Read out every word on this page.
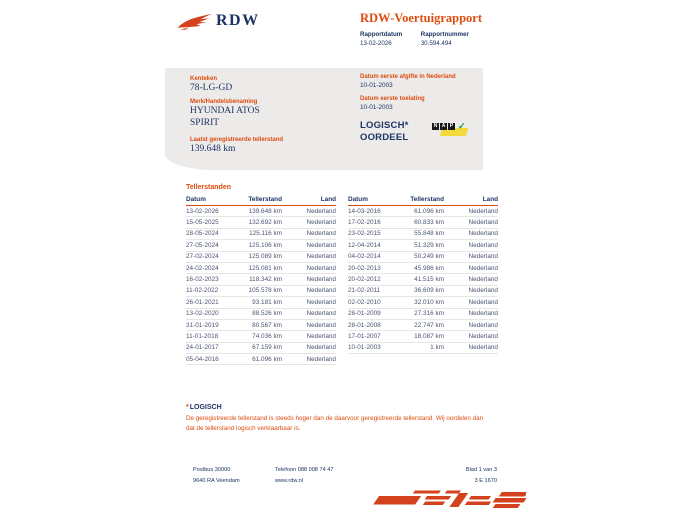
RDW	RDW-Voertuigrapport
Rapportdatum
13-02-2026

Rapportnummer
30.594.494
Kenteken
78-LG-GD
Merk/Handelsbenaming
HYUNDAI ATOS
SPIRIT
Laatst geregistreerde tellerstand
139.648 km
Datum eerste afgifte in Nederland
10-01-2003
Datum eerste toelating
10-01-2003
LOGISCH*
OORDEEL
N A P ✓
Tellerstanden
Datum	Tellerstand	Land
13-02-2026	139.648 km	Nederland
15-05-2025	132.692 km	Nederland
28-05-2024	125.116 km	Nederland
27-05-2024	125.106 km	Nederland
27-02-2024	125.089 km	Nederland
24-02-2024	125.081 km	Nederland
16-02-2023	118.342 km	Nederland
11-02-2022	105.578 km	Nederland
26-01-2021	93.181 km	Nederland
13-02-2020	88.526 km	Nederland
31-01-2019	80.567 km	Nederland
11-01-2018	74.036 km	Nederland
24-01-2017	67.159 km	Nederland
05-04-2016	61.096 km	Nederland
Datum	Tellerstand	Land
14-03-2016	61.096 km	Nederland
17-02-2016	60.833 km	Nederland
23-02-2015	55.848 km	Nederland
12-04-2014	51.329 km	Nederland
04-02-2014	50.249 km	Nederland
20-02-2013	45.986 km	Nederland
20-02-2012	41.515 km	Nederland
21-02-2011	36.609 km	Nederland
02-02-2010	32.010 km	Nederland
28-01-2009	27.316 km	Nederland
28-01-2008	22.747 km	Nederland
17-01-2007	18.087 km	Nederland
10-01-2003	1 km	Nederland
*LOGISCH
De geregistreerde tellerstand is steeds hoger dan de daarvoor geregistreerde tellerstand. Wij oordelen dan dat de tellerstand logisch verklaarbaar is.
Postbus 30000	Telefoon 088 008 74 47	Blad 1 van 3
9640 RA Veendam	www.rdw.nl	3 E 1670
